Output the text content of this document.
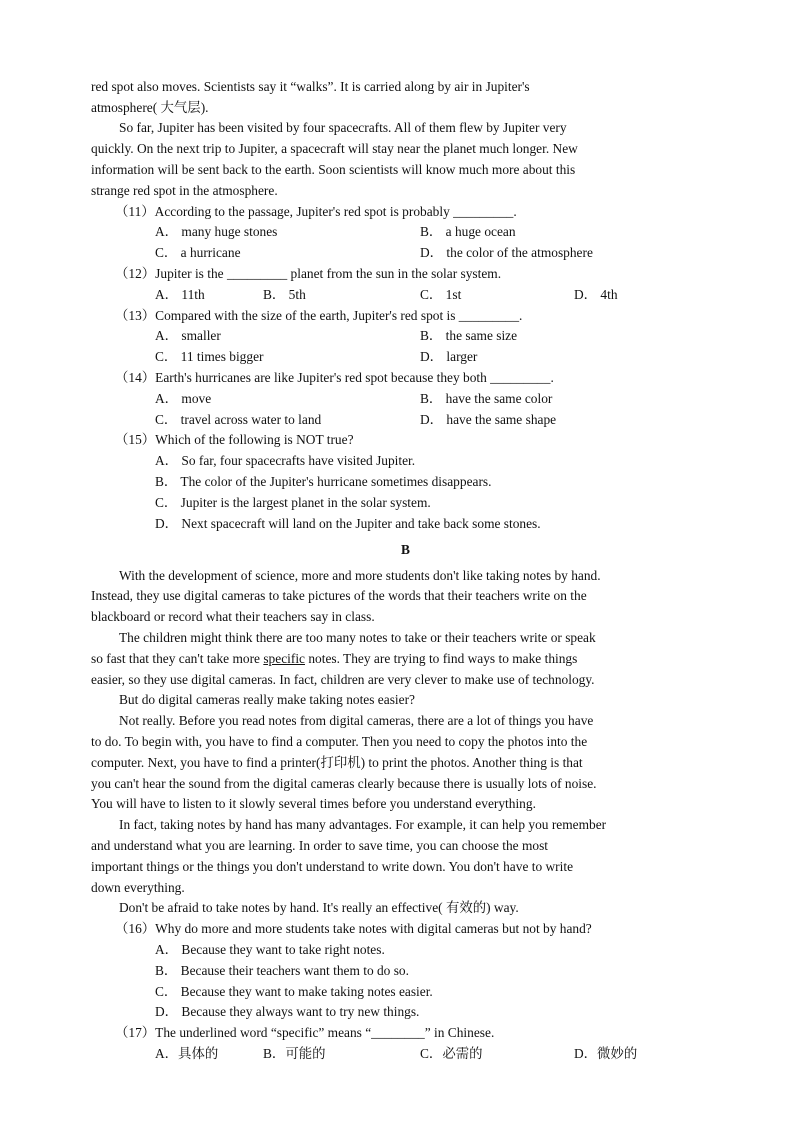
red spot also moves. Scientists say it “walks”. It is carried along by air in Jupiter's
atmosphere( 大气层).
So far, Jupiter has been visited by four spacecrafts. All of them flew by Jupiter very
quickly. On the next trip to Jupiter, a spacecraft will stay near the planet much longer. New
information will be sent back to the earth. Soon scientists will know much more about this
strange red spot in the atmosphere.
（11）According to the passage, Jupiter's red spot is probably _________.
A． many huge stones	B． a huge ocean
C． a hurricane	D． the color of the atmosphere
（12）Jupiter is the _________ planet from the sun in the solar system.
A． 11th	B． 5th	C． 1st	D． 4th
（13）Compared with the size of the earth, Jupiter's red spot is _________.
A． smaller	B． the same size
C． 11 times bigger	D． larger
（14）Earth's hurricanes are like Jupiter's red spot because they both _________.
A． move	B． have the same color
C． travel across water to land	D． have the same shape
（15）Which of the following is NOT true?
A． So far, four spacecrafts have visited Jupiter.
B． The color of the Jupiter's hurricane sometimes disappears.
C． Jupiter is the largest planet in the solar system.
D． Next spacecraft will land on the Jupiter and take back some stones.
B
With the development of science, more and more students don't like taking notes by hand.
Instead, they use digital cameras to take pictures of the words that their teachers write on the
blackboard or record what their teachers say in class.
The children might think there are too many notes to take or their teachers write or speak
so fast that they can't take more specific notes. They are trying to find ways to make things
easier, so they use digital cameras. In fact, children are very clever to make use of technology.
But do digital cameras really make taking notes easier?
Not really. Before you read notes from digital cameras, there are a lot of things you have
to do. To begin with, you have to find a computer. Then you need to copy the photos into the
computer. Next, you have to find a printer(打印机) to print the photos. Another thing is that
you can't hear the sound from the digital cameras clearly because there is usually lots of noise.
You will have to listen to it slowly several times before you understand everything.
In fact, taking notes by hand has many advantages. For example, it can help you remember
and understand what you are learning. In order to save time, you can choose the most
important things or the things you don't understand to write down. You don't have to write
down everything.
Don't be afraid to take notes by hand. It's really an effective( 有效的) way.
（16）Why do more and more students take notes with digital cameras but not by hand?
A． Because they want to take right notes.
B． Because their teachers want them to do so.
C． Because they want to make taking notes easier.
D． Because they always want to try new things.
（17）The underlined word “specific” means “________” in Chinese.
A．具体的	B．可能的	C．必需的	D．微妙的
